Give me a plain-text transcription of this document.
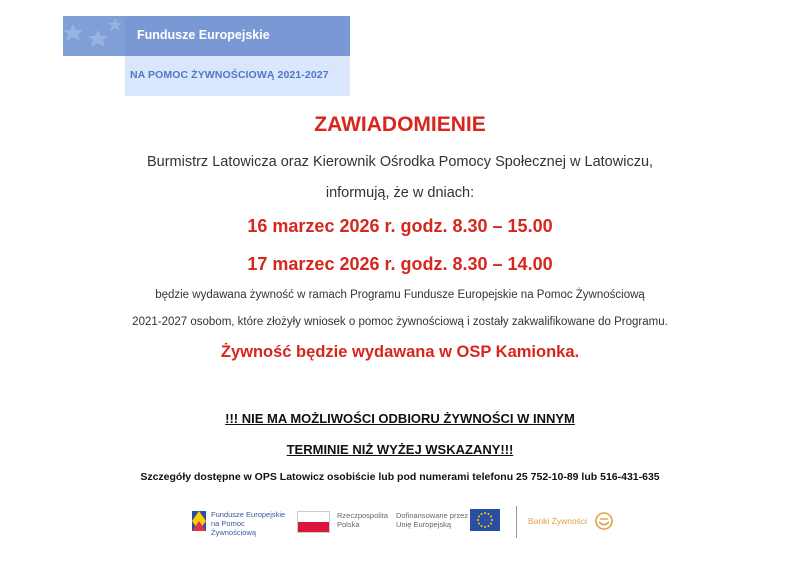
Fundusze Europejskie
NA POMOC ŻYWNOŚCIOWĄ 2021-2027
ZAWIADOMIENIE
Burmistrz Latowicza oraz Kierownik Ośrodka Pomocy Społecznej w Latowiczu,
informują, że w dniach:
16 marzec 2026 r. godz. 8.30 – 15.00
17 marzec 2026 r. godz. 8.30 – 14.00
będzie wydawana żywność w ramach Programu Fundusze Europejskie na Pomoc Żywnościową
2021-2027 osobom, które złożyły wniosek o pomoc żywnościową i zostały zakwalifikowane do Programu.
Żywność będzie wydawana w OSP Kamionka.
!!! NIE MA MOŻLIWOŚCI ODBIORU ŻYWNOŚCI W INNYM
TERMINIE NIŻ WYŻEJ WSKAZANY!!!
Szczegóły dostępne w OPS Latowicz osobiście lub pod numerami telefonu 25 752-10-89 lub 516-431-635
Fundusze Europejskie
na Pomoc Żywnościową
Rzeczpospolita
Polska
Dofinansowane przez
Unię Europejską	Banki Żywności
